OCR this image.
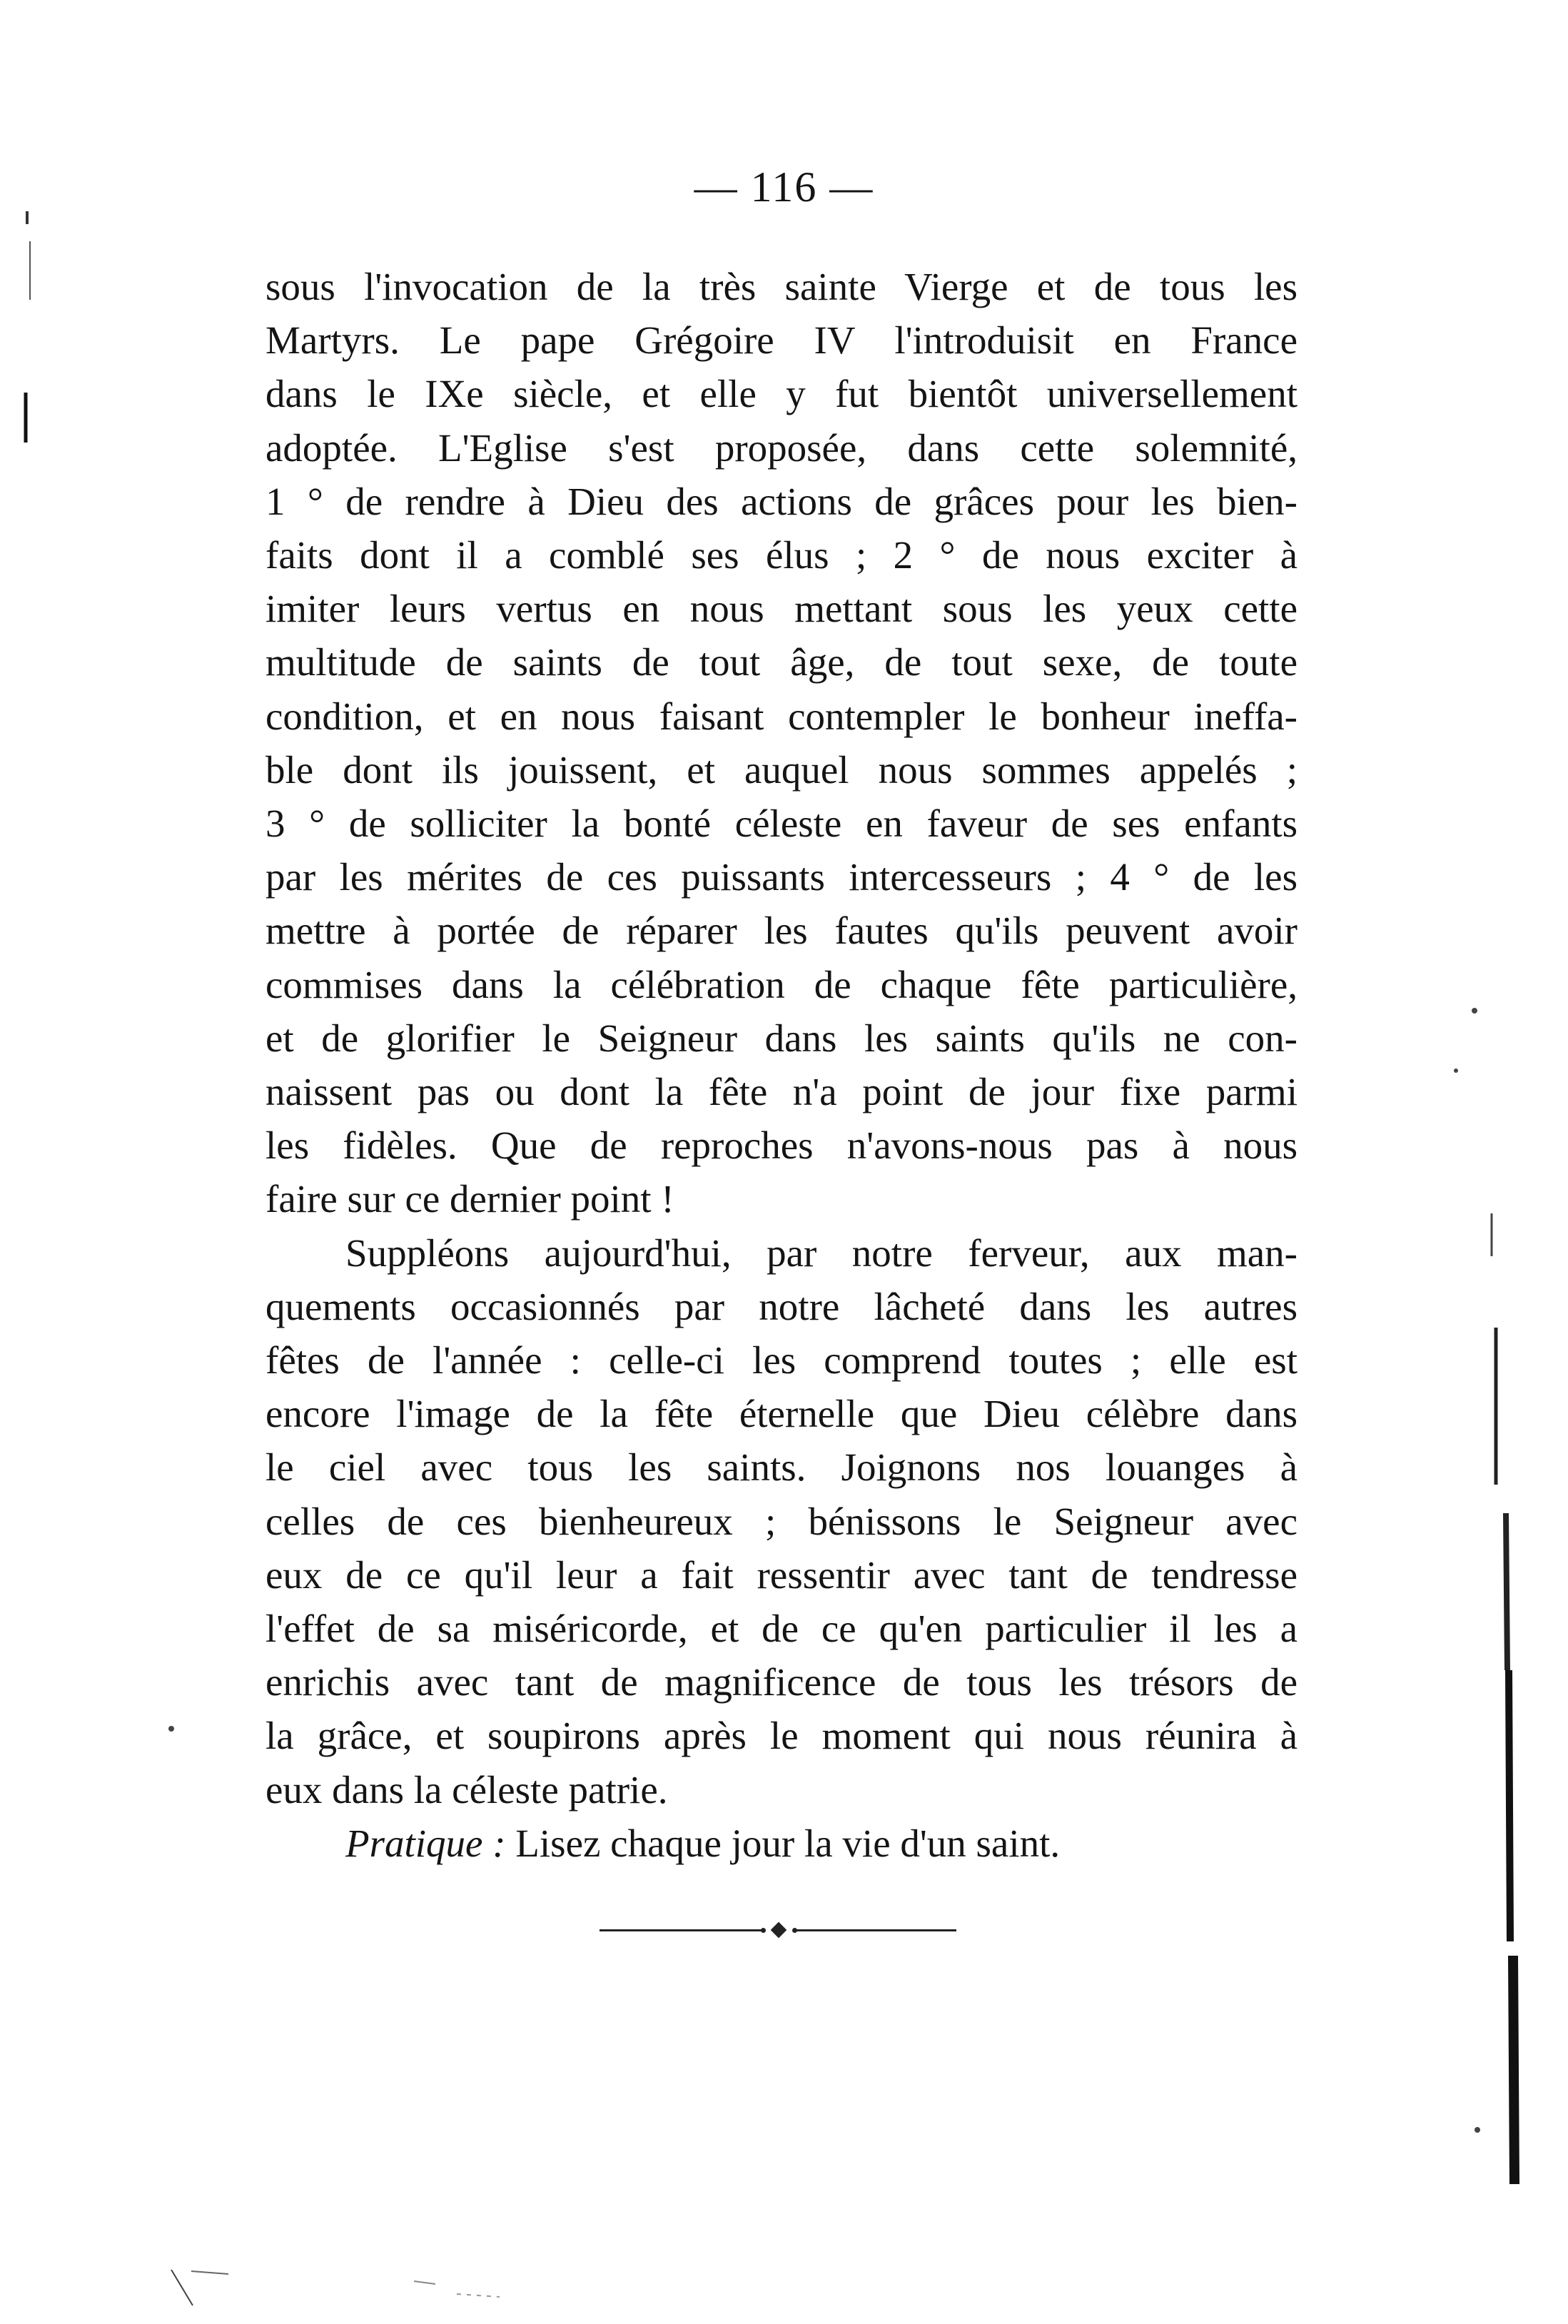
— 116 —

sous l'invocation de la très sainte Vierge et de tous les
Martyrs. Le pape Grégoire IV l'introduisit en France
dans le IXe siècle, et elle y fut bientôt universellement
adoptée. L'Eglise s'est proposée, dans cette solemnité,
1 ° de rendre à Dieu des actions de grâces pour les bien-
faits dont il a comblé ses élus ; 2 ° de nous exciter à
imiter leurs vertus en nous mettant sous les yeux cette
multitude de saints de tout âge, de tout sexe, de toute
condition, et en nous faisant contempler le bonheur ineffa-
ble dont ils jouissent, et auquel nous sommes appelés ;
3 ° de solliciter la bonté céleste en faveur de ses enfants
par les mérites de ces puissants intercesseurs ; 4 ° de les
mettre à portée de réparer les fautes qu'ils peuvent avoir
commises dans la célébration de chaque fête particulière,
et de glorifier le Seigneur dans les saints qu'ils ne con-
naissent pas ou dont la fête n'a point de jour fixe parmi
les fidèles. Que de reproches n'avons-nous pas à nous
faire sur ce dernier point !

Suppléons aujourd'hui, par notre ferveur, aux man-
quements occasionnés par notre lâcheté dans les autres
fêtes de l'année : celle-ci les comprend toutes ; elle est
encore l'image de la fête éternelle que Dieu célèbre dans
le ciel avec tous les saints. Joignons nos louanges à
celles de ces bienheureux ; bénissons le Seigneur avec
eux de ce qu'il leur a fait ressentir avec tant de tendresse
l'effet de sa miséricorde, et de ce qu'en particulier il les a
enrichis avec tant de magnificence de tous les trésors de
la grâce, et soupirons après le moment qui nous réunira à
eux dans la céleste patrie.

Pratique : Lisez chaque jour la vie d'un saint.
